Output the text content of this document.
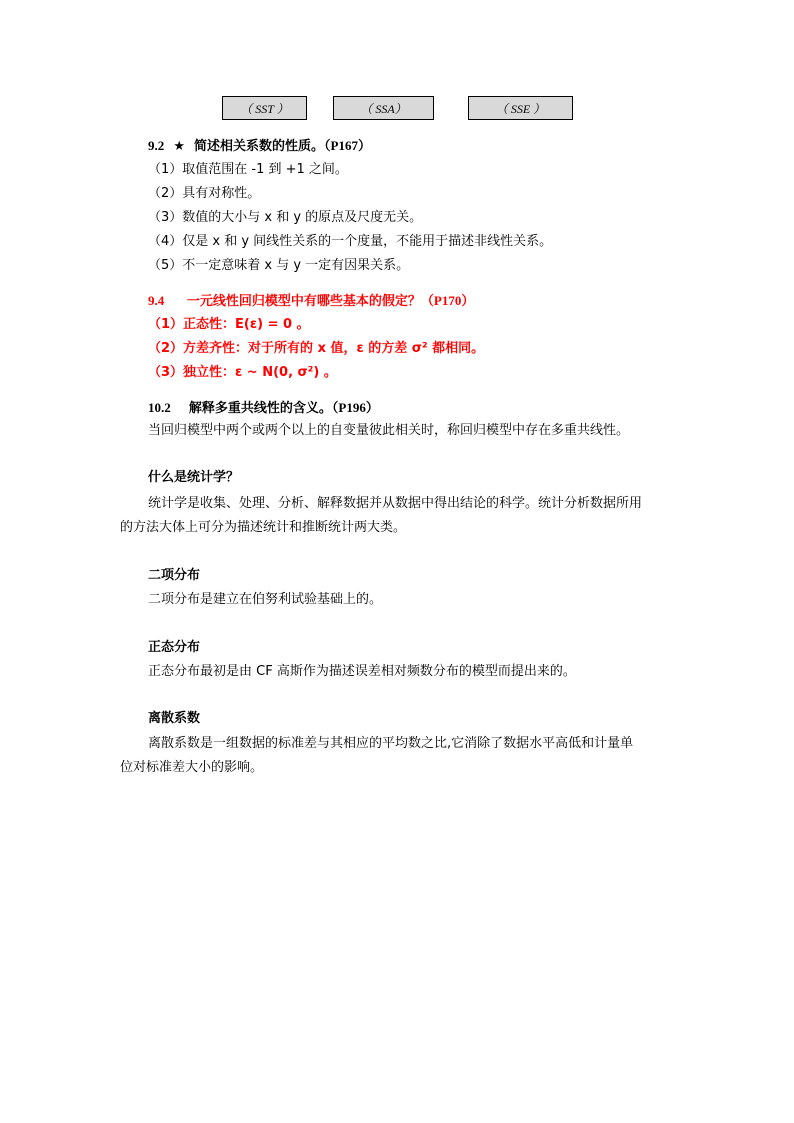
（ SST ）	（ SSA）	（ SSE ）
9.2 ★ 简述相关系数的性质。（P167）
（1）取值范围在 -1 到 +1 之间。
（2）具有对称性。
（3）数值的大小与 x 和 y 的原点及尺度无关。
（4）仅是 x 和 y 间线性关系的一个度量，不能用于描述非线性关系。
（5）不一定意味着 x 与 y 一定有因果关系。
9.4 一元线性回归模型中有哪些基本的假定？（P170）
（1）正态性：E(ε) = 0 。
（2）方差齐性：对于所有的 x 值，ε 的方差 σ² 都相同。
（3）独立性：ε ~ N(0, σ²) 。
10.2 解释多重共线性的含义。（P196）
当回归模型中两个或两个以上的自变量彼此相关时，称回归模型中存在多重共线性。
什么是统计学？
统计学是收集、处理、分析、解释数据并从数据中得出结论的科学。统计分析数据所用
的方法大体上可分为描述统计和推断统计两大类。
二项分布
二项分布是建立在伯努利试验基础上的。
正态分布
正态分布最初是由 CF 高斯作为描述误差相对频数分布的模型而提出来的。
离散系数
离散系数是一组数据的标准差与其相应的平均数之比,它消除了数据水平高低和计量单
位对标准差大小的影响。
